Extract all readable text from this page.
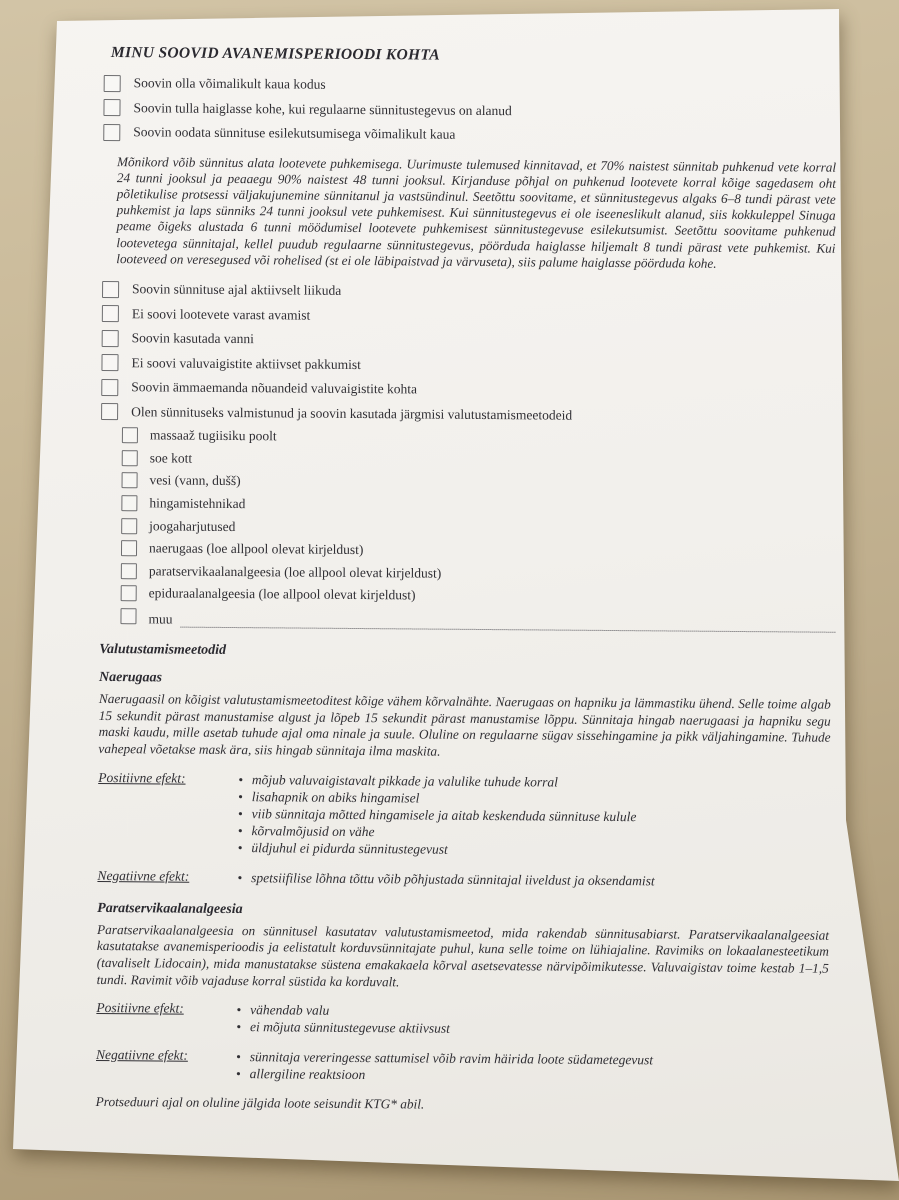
MINU SOOVID AVANEMISPERIOODI KOHTA
Soovin olla võimalikult kaua kodus
Soovin tulla haiglasse kohe, kui regulaarne sünnitustegevus on alanud
Soovin oodata sünnituse esilekutsumisega võimalikult kaua

Mõnikord võib sünnitus alata lootevete puhkemisega. Uurimuste tulemused kinnitavad, et 70% naistest sünnitab puhkenud vete korral 24 tunni jooksul ja peaaegu 90% naistest 48 tunni jooksul. Kirjanduse põhjal on puhkenud lootevete korral kõige sagedasem oht põletikulise protsessi väljakujunemine sünnitanul ja vastsündinul. Seetõttu soovitame, et sünnitustegevus algaks 6–8 tundi pärast vete puhkemist ja laps sünniks 24 tunni jooksul vete puhkemisest. Kui sünnitustegevus ei ole iseeneslikult alanud, siis kokkuleppel Sinuga peame õigeks alustada 6 tunni möödumisel lootevete puhkemisest sünnitustegevuse esilekutsumist. Seetõttu soovitame puhkenud lootevetega sünnitajal, kellel puudub regulaarne sünnitustegevus, pöörduda haiglasse hiljemalt 8 tundi pärast vete puhkemist. Kui looteveed on veresegused või rohelised (st ei ole läbipaistvad ja värvuseta), siis palume haiglasse pöörduda kohe.

Soovin sünnituse ajal aktiivselt liikuda
Ei soovi lootevete varast avamist
Soovin kasutada vanni
Ei soovi valuvaigistite aktiivset pakkumist
Soovin ämmaemanda nõuandeid valuvaigistite kohta
Olen sünnituseks valmistunud ja soovin kasutada järgmisi valutustamismeetodeid
massaaž tugiisiku poolt
soe kott
vesi (vann, dušš)
hingamistehnikad
joogaharjutused
naerugaas (loe allpool olevat kirjeldust)
paratservikaalanalgeesia (loe allpool olevat kirjeldust)
epiduraalanalgeesia (loe allpool olevat kirjeldust)
muu
Valutustamismeetodid
Naerugaas

Naerugaasil on kõigist valutustamismeetoditest kõige vähem kõrvalnähte. Naerugaas on hapniku ja lämmastiku ühend. Selle toime algab 15 sekundit pärast manustamise algust ja lõpeb 15 sekundit pärast manustamise lõppu. Sünnitaja hingab naerugaasi ja hapniku segu maski kaudu, mille asetab tuhude ajal oma ninale ja suule. Oluline on regulaarne sügav sissehingamine ja pikk väljahingamine. Tuhude vahepeal võetakse mask ära, siis hingab sünnitaja ilma maskita.

Positiivne efekt:	• mõjub valuvaigistavalt pikkade ja valulike tuhude korral
• lisahapnik on abiks hingamisel
• viib sünnitaja mõtted hingamisele ja aitab keskenduda sünnituse kulule
• kõrvalmõjusid on vähe
• üldjuhul ei pidurda sünnitustegevust
Negatiivne efekt:	• spetsiifilise lõhna tõttu võib põhjustada sünnitajal iiveldust ja oksendamist
Paratservikaalanalgeesia

Paratservikaalanalgeesia on sünnitusel kasutatav valutustamismeetod, mida rakendab sünnitusabiarst. Paratservikaalanalgeesiat kasutatakse avanemisperioodis ja eelistatult korduvsünnitajate puhul, kuna selle toime on lühiajaline. Ravimiks on lokaalanesteetikum (tavaliselt Lidocain), mida manustatakse süstena emakakaela kõrval asetsevatesse närvipõimikutesse. Valuvaigistav toime kestab 1–1,5 tundi. Ravimit võib vajaduse korral süstida ka korduvalt.

Positiivne efekt:	• vähendab valu
• ei mõjuta sünnitustegevuse aktiivsust
Negatiivne efekt:	• sünnitaja vereringesse sattumisel võib ravim häirida loote südametegevust
• allergiline reaktsioon

Protseduuri ajal on oluline jälgida loote seisundit KTG* abil.
